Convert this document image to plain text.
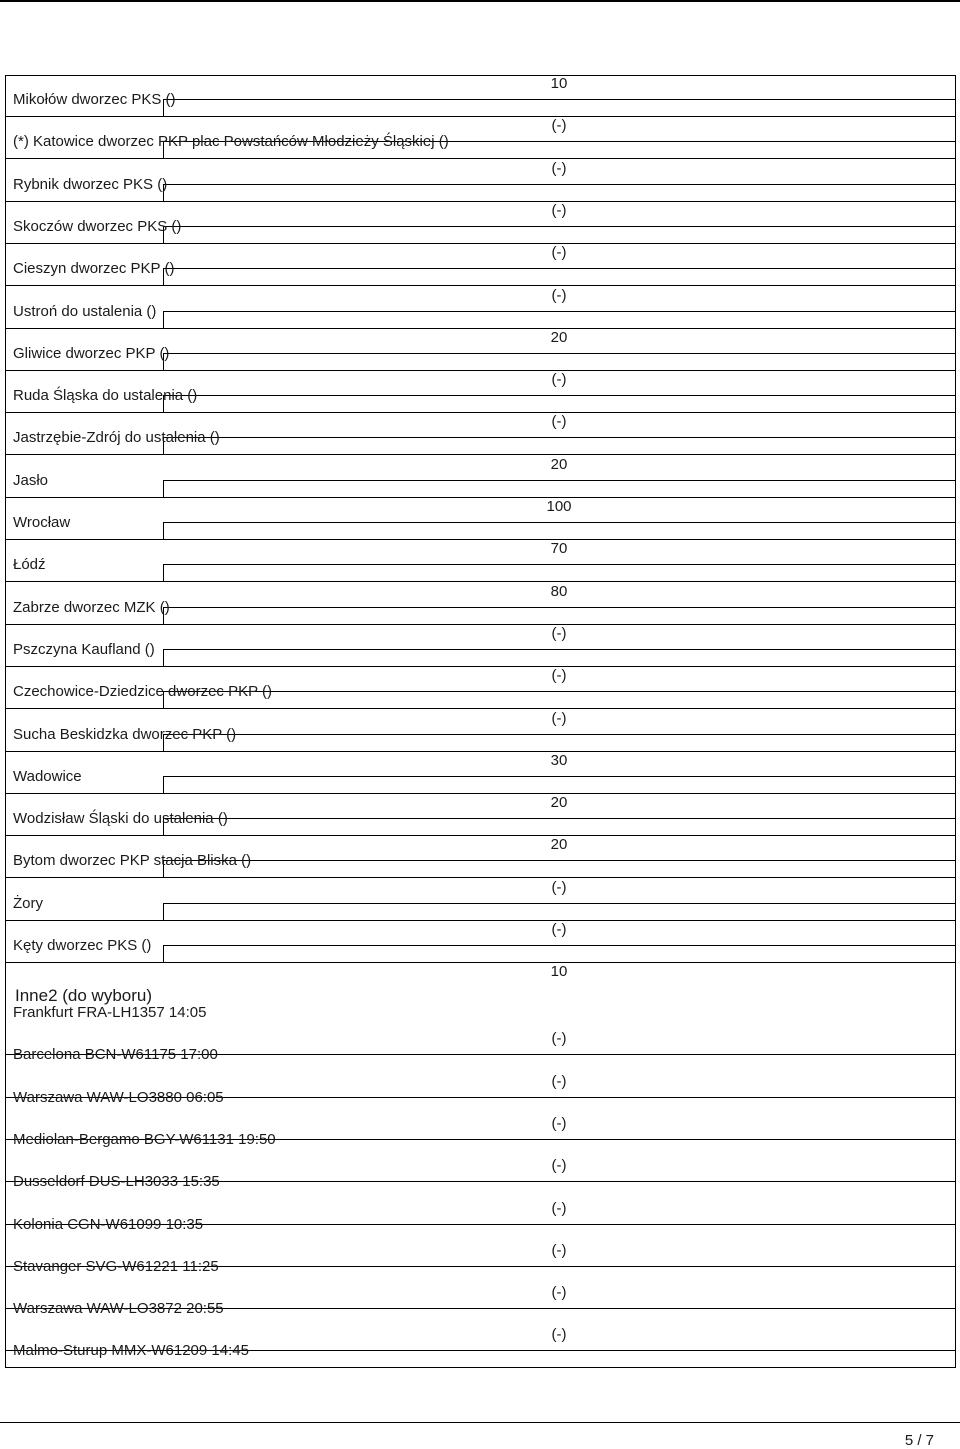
10
Mikołów dworzec PKS ()
(-)
(*) Katowice dworzec PKP plac Powstańców Młodzieży Śląskiej ()
(-)
Rybnik dworzec PKS ()
(-)
Skoczów dworzec PKS ()
(-)
Cieszyn dworzec PKP ()
(-)
Ustroń do ustalenia ()
20
Gliwice dworzec PKP ()
(-)
Ruda Śląska do ustalenia ()
(-)
Jastrzębie-Zdrój do ustalenia ()
20
Jasło
100
Wrocław
70
Łódź
80
Zabrze dworzec MZK ()
(-)
Pszczyna Kaufland ()
(-)
Czechowice-Dziedzice dworzec PKP ()
(-)
Sucha Beskidzka dworzec PKP ()
30
Wadowice
20
Wodzisław Śląski do ustalenia ()
20
Bytom dworzec PKP stacja Bliska ()
(-)
Żory
(-)
Kęty dworzec PKS ()
10
Inne2 (do wyboru)
Frankfurt FRA-LH1357 14:05
Barcelona BCN-W61175 17:00
(-)
Warszawa WAW-LO3880 06:05
(-)
Mediolan-Bergamo BGY-W61131 19:50
(-)
Dusseldorf DUS-LH3033 15:35
(-)
Kolonia CGN-W61099 10:35
(-)
Stavanger SVG-W61221 11:25
(-)
Warszawa WAW-LO3872 20:55
(-)
Malmo-Sturup MMX-W61209 14:45
(-)
5 / 7
